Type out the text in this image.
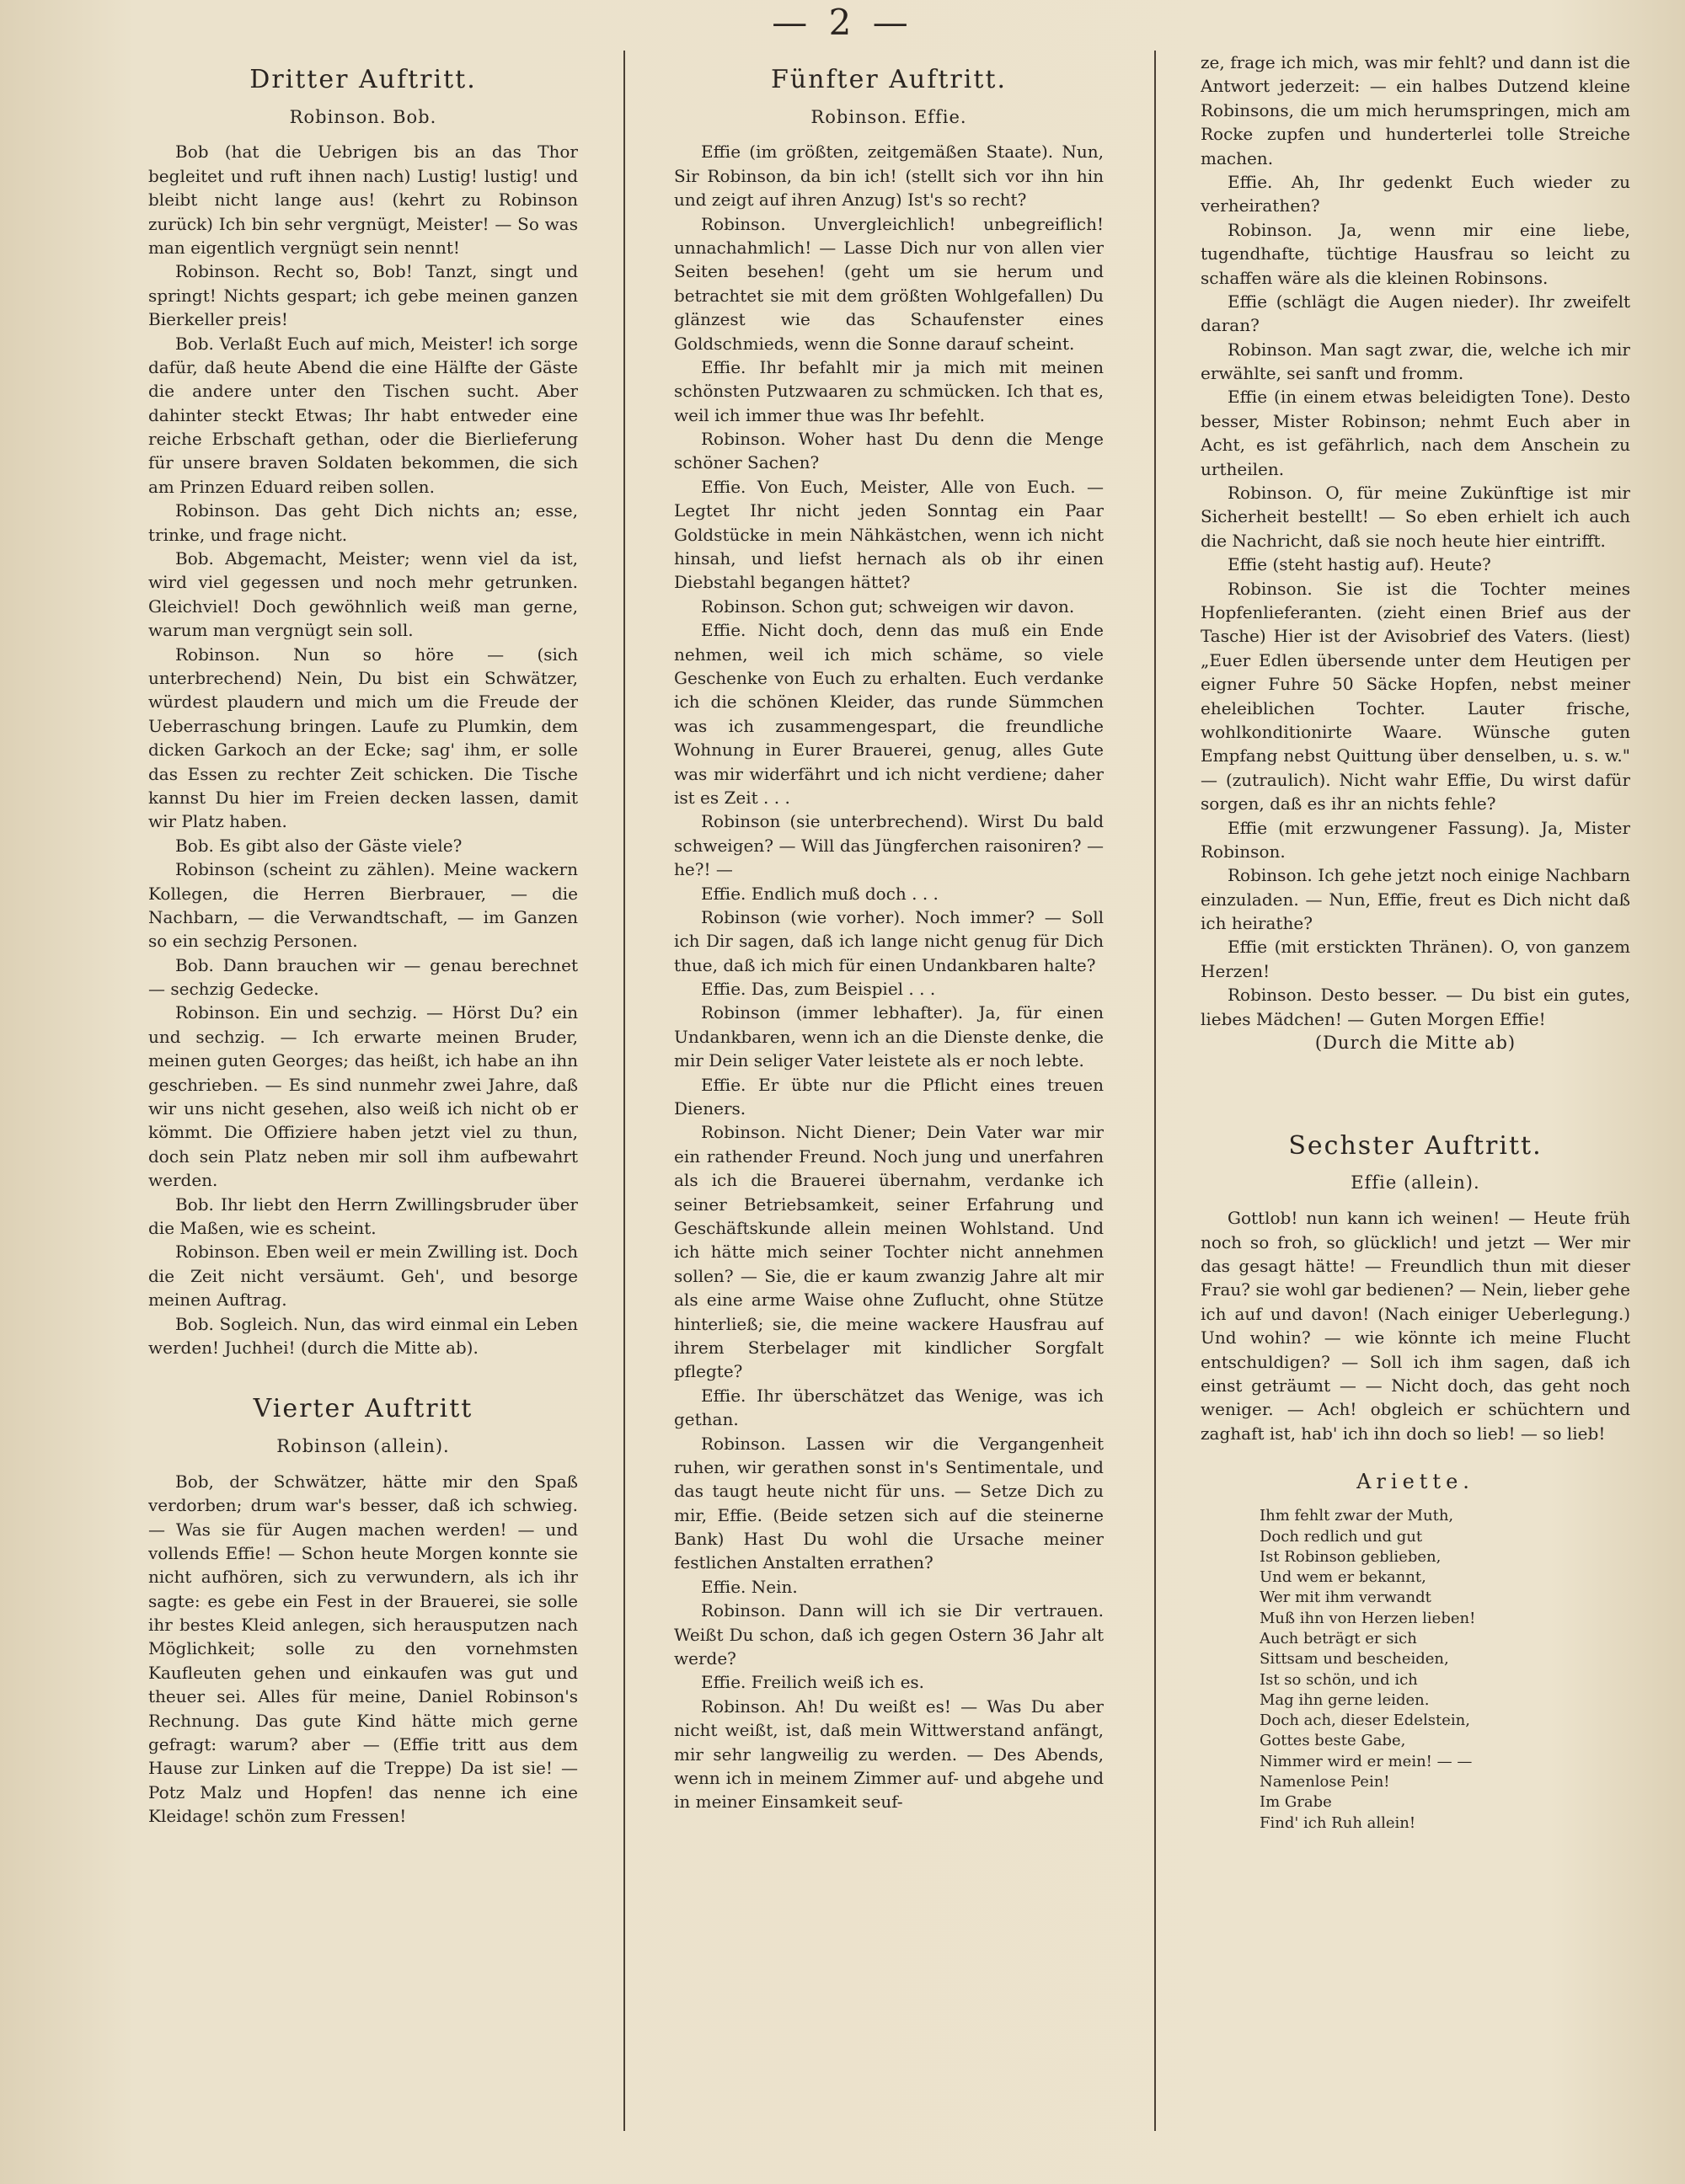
— 2 —
Dritter Auftritt.
Robinson. Bob.

Bob (hat die Uebrigen bis an das Thor begleitet und ruft ihnen nach) Lustig! lustig! und bleibt nicht lange aus! (kehrt zu Robinson zurück) Ich bin sehr vergnügt, Meister! — So was man eigentlich vergnügt sein nennt!

Robinson. Recht so, Bob! Tanzt, singt und springt! Nichts gespart; ich gebe meinen ganzen Bierkeller preis!

Bob. Verlaßt Euch auf mich, Meister! ich sorge dafür, daß heute Abend die eine Hälfte der Gäste die andere unter den Tischen sucht. Aber dahinter steckt Etwas; Ihr habt entweder eine reiche Erbschaft gethan, oder die Bierlieferung für unsere braven Soldaten bekommen, die sich am Prinzen Eduard reiben sollen.

Robinson. Das geht Dich nichts an; esse, trinke, und frage nicht.

Bob. Abgemacht, Meister; wenn viel da ist, wird viel gegessen und noch mehr getrunken. Gleichviel! Doch gewöhnlich weiß man gerne, warum man vergnügt sein soll.

Robinson. Nun so höre — (sich unterbrechend) Nein, Du bist ein Schwätzer, würdest plaudern und mich um die Freude der Ueberraschung bringen. Laufe zu Plumkin, dem dicken Garkoch an der Ecke; sag' ihm, er solle das Essen zu rechter Zeit schicken. Die Tische kannst Du hier im Freien decken lassen, damit wir Platz haben.

Bob. Es gibt also der Gäste viele?

Robinson (scheint zu zählen). Meine wackern Kollegen, die Herren Bierbrauer, — die Nachbarn, — die Verwandtschaft, — im Ganzen so ein sechzig Personen.

Bob. Dann brauchen wir — genau berechnet — sechzig Gedecke.

Robinson. Ein und sechzig. — Hörst Du? ein und sechzig. — Ich erwarte meinen Bruder, meinen guten Georges; das heißt, ich habe an ihn geschrieben. — Es sind nunmehr zwei Jahre, daß wir uns nicht gesehen, also weiß ich nicht ob er kömmt. Die Offiziere haben jetzt viel zu thun, doch sein Platz neben mir soll ihm aufbewahrt werden.

Bob. Ihr liebt den Herrn Zwillingsbruder über die Maßen, wie es scheint.

Robinson. Eben weil er mein Zwilling ist. Doch die Zeit nicht versäumt. Geh', und besorge meinen Auftrag.

Bob. Sogleich. Nun, das wird einmal ein Leben werden! Juchhei! (durch die Mitte ab).

Vierter Auftritt
Robinson (allein).

Bob, der Schwätzer, hätte mir den Spaß verdorben; drum war's besser, daß ich schwieg. — Was sie für Augen machen werden! — und vollends Effie! — Schon heute Morgen konnte sie nicht aufhören, sich zu verwundern, als ich ihr sagte: es gebe ein Fest in der Brauerei, sie solle ihr bestes Kleid anlegen, sich herausputzen nach Möglichkeit; solle zu den vornehmsten Kaufleuten gehen und einkaufen was gut und theuer sei. Alles für meine, Daniel Robinson's Rechnung. Das gute Kind hätte mich gerne gefragt: warum? aber — (Effie tritt aus dem Hause zur Linken auf die Treppe) Da ist sie! — Potz Malz und Hopfen! das nenne ich eine Kleidage! schön zum Fressen!

Fünfter Auftritt.
Robinson. Effie.

Effie (im größten, zeitgemäßen Staate). Nun, Sir Robinson, da bin ich! (stellt sich vor ihn hin und zeigt auf ihren Anzug) Ist's so recht?

Robinson. Unvergleichlich! unbegreiflich! unnachahmlich! — Lasse Dich nur von allen vier Seiten besehen! (geht um sie herum und betrachtet sie mit dem größten Wohlgefallen) Du glänzest wie das Schaufenster eines Goldschmieds, wenn die Sonne darauf scheint.

Effie. Ihr befahlt mir ja mich mit meinen schönsten Putzwaaren zu schmücken. Ich that es, weil ich immer thue was Ihr befehlt.

Robinson. Woher hast Du denn die Menge schöner Sachen?

Effie. Von Euch, Meister, Alle von Euch. — Legtet Ihr nicht jeden Sonntag ein Paar Goldstücke in mein Nähkästchen, wenn ich nicht hinsah, und liefst hernach als ob ihr einen Diebstahl begangen hättet?

Robinson. Schon gut; schweigen wir davon.

Effie. Nicht doch, denn das muß ein Ende nehmen, weil ich mich schäme, so viele Geschenke von Euch zu erhalten. Euch verdanke ich die schönen Kleider, das runde Sümmchen was ich zusammengespart, die freundliche Wohnung in Eurer Brauerei, genug, alles Gute was mir widerfährt und ich nicht verdiene; daher ist es Zeit . . .

Robinson (sie unterbrechend). Wirst Du bald schweigen? — Will das Jüngferchen raisoniren? — he?! —

Effie. Endlich muß doch . . .

Robinson (wie vorher). Noch immer? — Soll ich Dir sagen, daß ich lange nicht genug für Dich thue, daß ich mich für einen Undankbaren halte?

Effie. Das, zum Beispiel . . .

Robinson (immer lebhafter). Ja, für einen Undankbaren, wenn ich an die Dienste denke, die mir Dein seliger Vater leistete als er noch lebte.

Effie. Er übte nur die Pflicht eines treuen Dieners.

Robinson. Nicht Diener; Dein Vater war mir ein rathender Freund. Noch jung und unerfahren als ich die Brauerei übernahm, verdanke ich seiner Betriebsamkeit, seiner Erfahrung und Geschäftskunde allein meinen Wohlstand. Und ich hätte mich seiner Tochter nicht annehmen sollen? — Sie, die er kaum zwanzig Jahre alt mir als eine arme Waise ohne Zuflucht, ohne Stütze hinterließ; sie, die meine wackere Hausfrau auf ihrem Sterbelager mit kindlicher Sorgfalt pflegte?

Effie. Ihr überschätzet das Wenige, was ich gethan.

Robinson. Lassen wir die Vergangenheit ruhen, wir gerathen sonst in's Sentimentale, und das taugt heute nicht für uns. — Setze Dich zu mir, Effie. (Beide setzen sich auf die steinerne Bank) Hast Du wohl die Ursache meiner festlichen Anstalten errathen?

Effie. Nein.

Robinson. Dann will ich sie Dir vertrauen. Weißt Du schon, daß ich gegen Ostern 36 Jahr alt werde?

Effie. Freilich weiß ich es.

Robinson. Ah! Du weißt es! — Was Du aber nicht weißt, ist, daß mein Wittwerstand anfängt, mir sehr langweilig zu werden. — Des Abends, wenn ich in meinem Zimmer auf- und abgehe und in meiner Einsamkeit seuf-

ze, frage ich mich, was mir fehlt? und dann ist die Antwort jederzeit: — ein halbes Dutzend kleine Robinsons, die um mich herumspringen, mich am Rocke zupfen und hunderterlei tolle Streiche machen.

Effie. Ah, Ihr gedenkt Euch wieder zu verheirathen?

Robinson. Ja, wenn mir eine liebe, tugendhafte, tüchtige Hausfrau so leicht zu schaffen wäre als die kleinen Robinsons.

Effie (schlägt die Augen nieder). Ihr zweifelt daran?

Robinson. Man sagt zwar, die, welche ich mir erwählte, sei sanft und fromm.

Effie (in einem etwas beleidigten Tone). Desto besser, Mister Robinson; nehmt Euch aber in Acht, es ist gefährlich, nach dem Anschein zu urtheilen.

Robinson. O, für meine Zukünftige ist mir Sicherheit bestellt! — So eben erhielt ich auch die Nachricht, daß sie noch heute hier eintrifft.

Effie (steht hastig auf). Heute?

Robinson. Sie ist die Tochter meines Hopfenlieferanten. (zieht einen Brief aus der Tasche) Hier ist der Avisobrief des Vaters. (liest) „Euer Edlen übersende unter dem Heutigen per eigner Fuhre 50 Säcke Hopfen, nebst meiner eheleiblichen Tochter. Lauter frische, wohlkonditionirte Waare. Wünsche guten Empfang nebst Quittung über denselben, u. s. w." — (zutraulich). Nicht wahr Effie, Du wirst dafür sorgen, daß es ihr an nichts fehle?

Effie (mit erzwungener Fassung). Ja, Mister Robinson.

Robinson. Ich gehe jetzt noch einige Nachbarn einzuladen. — Nun, Effie, freut es Dich nicht daß ich heirathe?

Effie (mit erstickten Thränen). O, von ganzem Herzen!

Robinson. Desto besser. — Du bist ein gutes, liebes Mädchen! — Guten Morgen Effie!

(Durch die Mitte ab)
Sechster Auftritt.
Effie (allein).

Gottlob! nun kann ich weinen! — Heute früh noch so froh, so glücklich! und jetzt — Wer mir das gesagt hätte! — Freundlich thun mit dieser Frau? sie wohl gar bedienen? — Nein, lieber gehe ich auf und davon! (Nach einiger Ueberlegung.) Und wohin? — wie könnte ich meine Flucht entschuldigen? — Soll ich ihm sagen, daß ich einst geträumt — — Nicht doch, das geht noch weniger. — Ach! obgleich er schüchtern und zaghaft ist, hab' ich ihn doch so lieb! — so lieb!

Ariette.

Ihm fehlt zwar der Muth,

Doch redlich und gut

Ist Robinson geblieben,

Und wem er bekannt,

Wer mit ihm verwandt

Muß ihn von Herzen lieben!

Auch beträgt er sich

Sittsam und bescheiden,

Ist so schön, und ich

Mag ihn gerne leiden.

Doch ach, dieser Edelstein,

Gottes beste Gabe,

Nimmer wird er mein! — —

Namenlose Pein!

Im Grabe

Find' ich Ruh allein!
